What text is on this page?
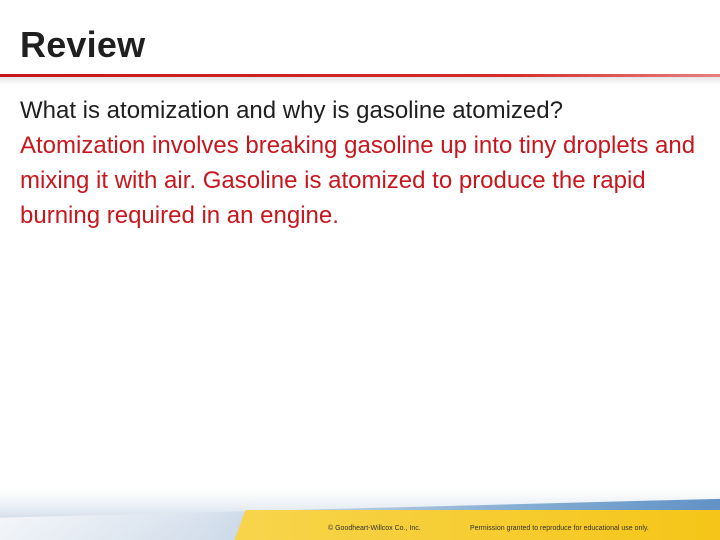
Review

What is atomization and why is gasoline atomized?

Atomization involves breaking gasoline up into tiny droplets and mixing it with air. Gasoline is atomized to produce the rapid burning required in an engine.

© Goodheart-Willcox Co., Inc.	Permission granted to reproduce for educational use only.
